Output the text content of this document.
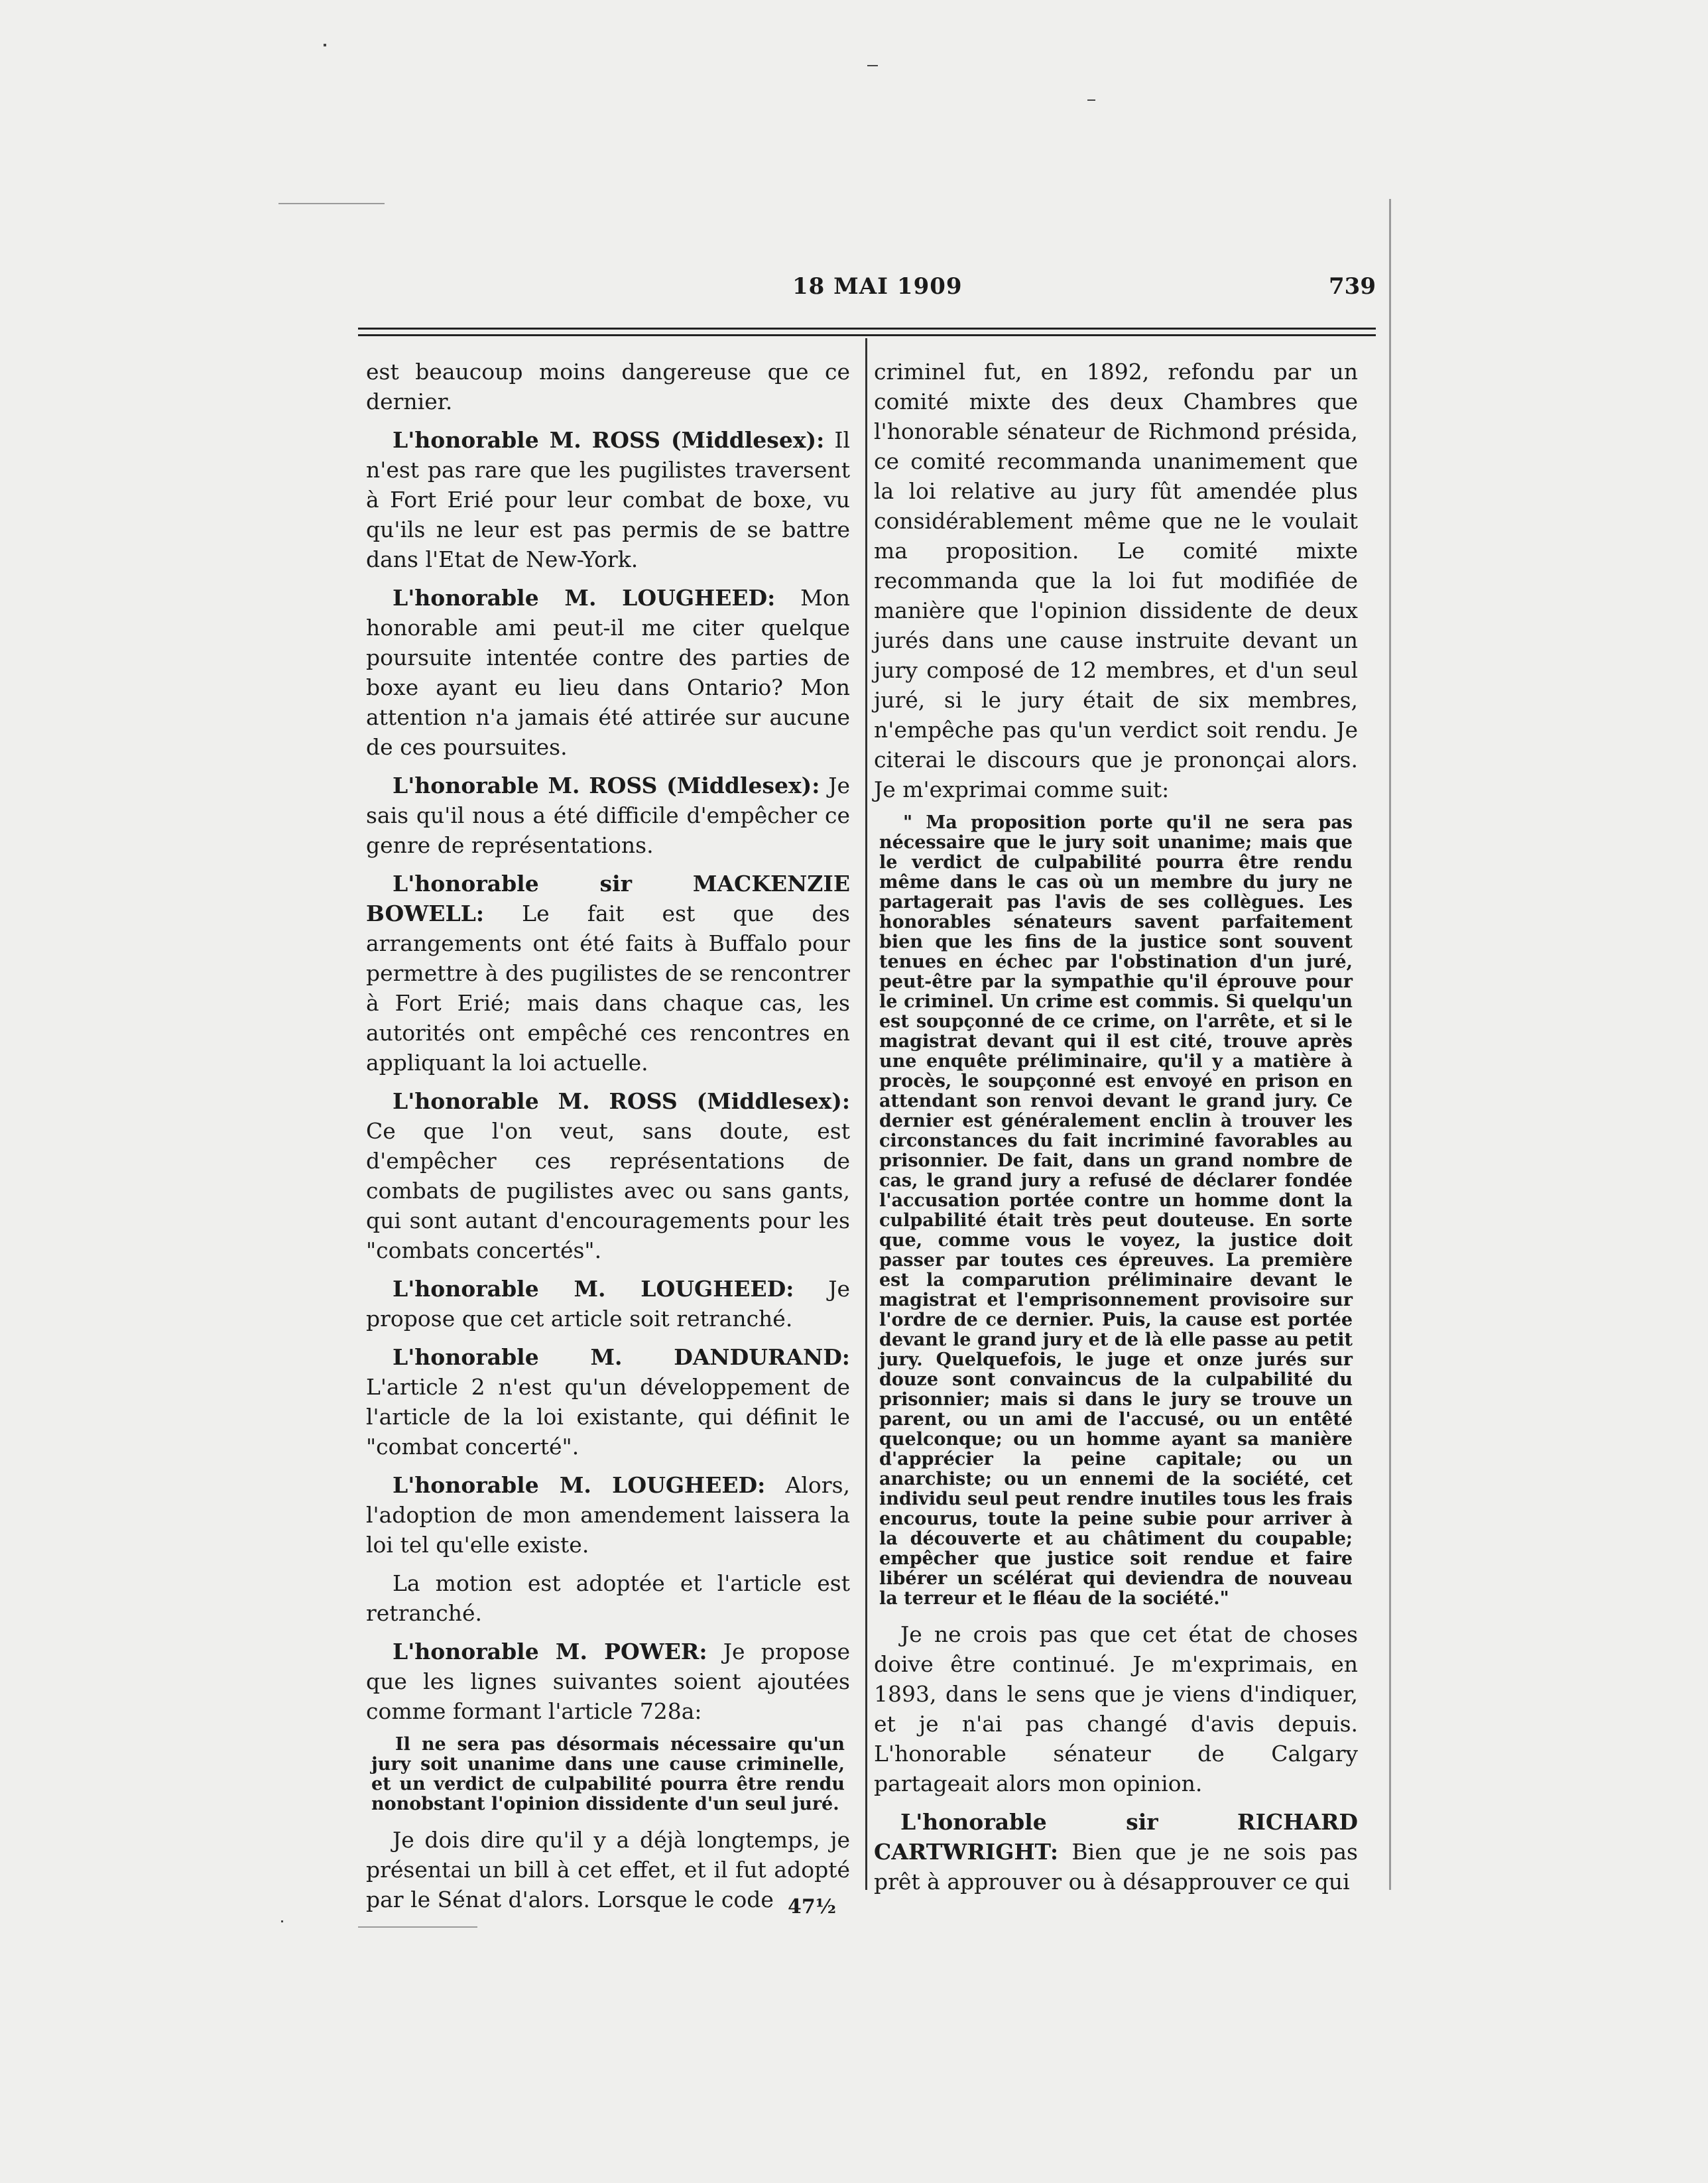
18 MAI 1909	739

est beaucoup moins dangereuse que ce dernier.

L'honorable M. ROSS (Middlesex): Il n'est pas rare que les pugilistes traversent à Fort Erié pour leur combat de boxe, vu qu'ils ne leur est pas permis de se battre dans l'Etat de New-York.

L'honorable M. LOUGHEED: Mon honorable ami peut-il me citer quelque poursuite intentée contre des parties de boxe ayant eu lieu dans Ontario? Mon attention n'a jamais été attirée sur aucune de ces poursuites.

L'honorable M. ROSS (Middlesex): Je sais qu'il nous a été difficile d'empêcher ce genre de représentations.

L'honorable sir MACKENZIE BOWELL: Le fait est que des arrangements ont été faits à Buffalo pour permettre à des pugilistes de se rencontrer à Fort Erié; mais dans chaque cas, les autorités ont empêché ces rencontres en appliquant la loi actuelle.

L'honorable M. ROSS (Middlesex): Ce que l'on veut, sans doute, est d'empêcher ces représentations de combats de pugilistes avec ou sans gants, qui sont autant d'encouragements pour les "combats concertés".

L'honorable M. LOUGHEED: Je propose que cet article soit retranché.

L'honorable M. DANDURAND: L'article 2 n'est qu'un développement de l'article de la loi existante, qui définit le "combat concerté".

L'honorable M. LOUGHEED: Alors, l'adoption de mon amendement laissera la loi tel qu'elle existe.

La motion est adoptée et l'article est retranché.

L'honorable M. POWER: Je propose que les lignes suivantes soient ajoutées comme formant l'article 728a:

Il ne sera pas désormais nécessaire qu'un jury soit unanime dans une cause criminelle, et un verdict de culpabilité pourra être rendu nonobstant l'opinion dissidente d'un seul juré.

Je dois dire qu'il y a déjà longtemps, je présentai un bill à cet effet, et il fut adopté par le Sénat d'alors. Lorsque le code

criminel fut, en 1892, refondu par un comité mixte des deux Chambres que l'honorable sénateur de Richmond présida, ce comité recommanda unanimement que la loi relative au jury fût amendée plus considérablement même que ne le voulait ma proposition. Le comité mixte recommanda que la loi fut modifiée de manière que l'opinion dissidente de deux jurés dans une cause instruite devant un jury composé de 12 membres, et d'un seul juré, si le jury était de six membres, n'empêche pas qu'un verdict soit rendu. Je citerai le discours que je prononçai alors. Je m'exprimai comme suit:

" Ma proposition porte qu'il ne sera pas nécessaire que le jury soit unanime; mais que le verdict de culpabilité pourra être rendu même dans le cas où un membre du jury ne partagerait pas l'avis de ses collègues. Les honorables sénateurs savent parfaitement bien que les fins de la justice sont souvent tenues en échec par l'obstination d'un juré, peut-être par la sympathie qu'il éprouve pour le criminel. Un crime est commis. Si quelqu'un est soupçonné de ce crime, on l'arrête, et si le magistrat devant qui il est cité, trouve après une enquête préliminaire, qu'il y a matière à procès, le soupçonné est envoyé en prison en attendant son renvoi devant le grand jury. Ce dernier est généralement enclin à trouver les circonstances du fait incriminé favorables au prisonnier. De fait, dans un grand nombre de cas, le grand jury a refusé de déclarer fondée l'accusation portée contre un homme dont la culpabilité était très peut douteuse. En sorte que, comme vous le voyez, la justice doit passer par toutes ces épreuves. La première est la comparution préliminaire devant le magistrat et l'emprisonnement provisoire sur l'ordre de ce dernier. Puis, la cause est portée devant le grand jury et de là elle passe au petit jury. Quelquefois, le juge et onze jurés sur douze sont convaincus de la culpabilité du prisonnier; mais si dans le jury se trouve un parent, ou un ami de l'accusé, ou un entêté quelconque; ou un homme ayant sa manière d'apprécier la peine capitale; ou un anarchiste; ou un ennemi de la société, cet individu seul peut rendre inutiles tous les frais encourus, toute la peine subie pour arriver à la découverte et au châtiment du coupable; empêcher que justice soit rendue et faire libérer un scélérat qui deviendra de nouveau la terreur et le fléau de la société."

Je ne crois pas que cet état de choses doive être continué. Je m'exprimais, en 1893, dans le sens que je viens d'indiquer, et je n'ai pas changé d'avis depuis. L'honorable sénateur de Calgary partageait alors mon opinion.

L'honorable sir RICHARD CARTWRIGHT: Bien que je ne sois pas prêt à approuver ou à désapprouver ce qui

47½
